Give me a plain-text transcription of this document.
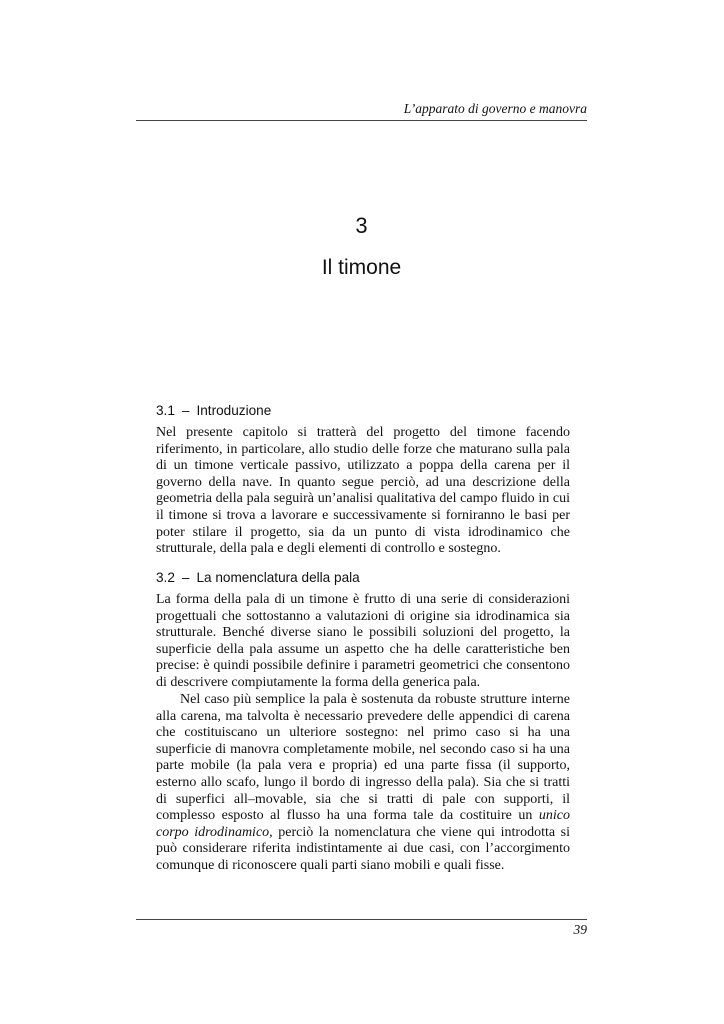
L’apparato di governo e manovra
3
Il timone
3.1 – Introduzione

Nel presente capitolo si tratterà del progetto del timone facendo riferimento, in particolare, allo studio delle forze che maturano sulla pala di un timone verticale passivo, utilizzato a poppa della carena per il governo della nave. In quanto segue perciò, ad una descrizione della geometria della pala seguirà un’analisi qualitativa del campo fluido in cui il timone si trova a lavorare e successivamente si forniranno le basi per poter stilare il progetto, sia da un punto di vista idrodinamico che strutturale, della pala e degli elementi di controllo e sostegno.

3.2 – La nomenclatura della pala

La forma della pala di un timone è frutto di una serie di considerazioni progettuali che sottostanno a valutazioni di origine sia idrodinamica sia strutturale. Benché diverse siano le possibili soluzioni del progetto, la superficie della pala assume un aspetto che ha delle caratteristiche ben precise: è quindi possibile definire i parametri geometrici che consentono di descrivere compiutamente la forma della generica pala.

Nel caso più semplice la pala è sostenuta da robuste strutture interne alla carena, ma talvolta è necessario prevedere delle appendici di carena che costituiscano un ulteriore sostegno: nel primo caso si ha una superficie di manovra completamente mobile, nel secondo caso si ha una parte mobile (la pala vera e propria) ed una parte fissa (il supporto, esterno allo scafo, lungo il bordo di ingresso della pala). Sia che si tratti di superfici all–movable, sia che si tratti di pale con supporti, il complesso esposto al flusso ha una forma tale da costituire un unico corpo idrodinamico, perciò la nomenclatura che viene qui introdotta si può considerare riferita indistintamente ai due casi, con l’accorgimento comunque di riconoscere quali parti siano mobili e quali fisse.

39
